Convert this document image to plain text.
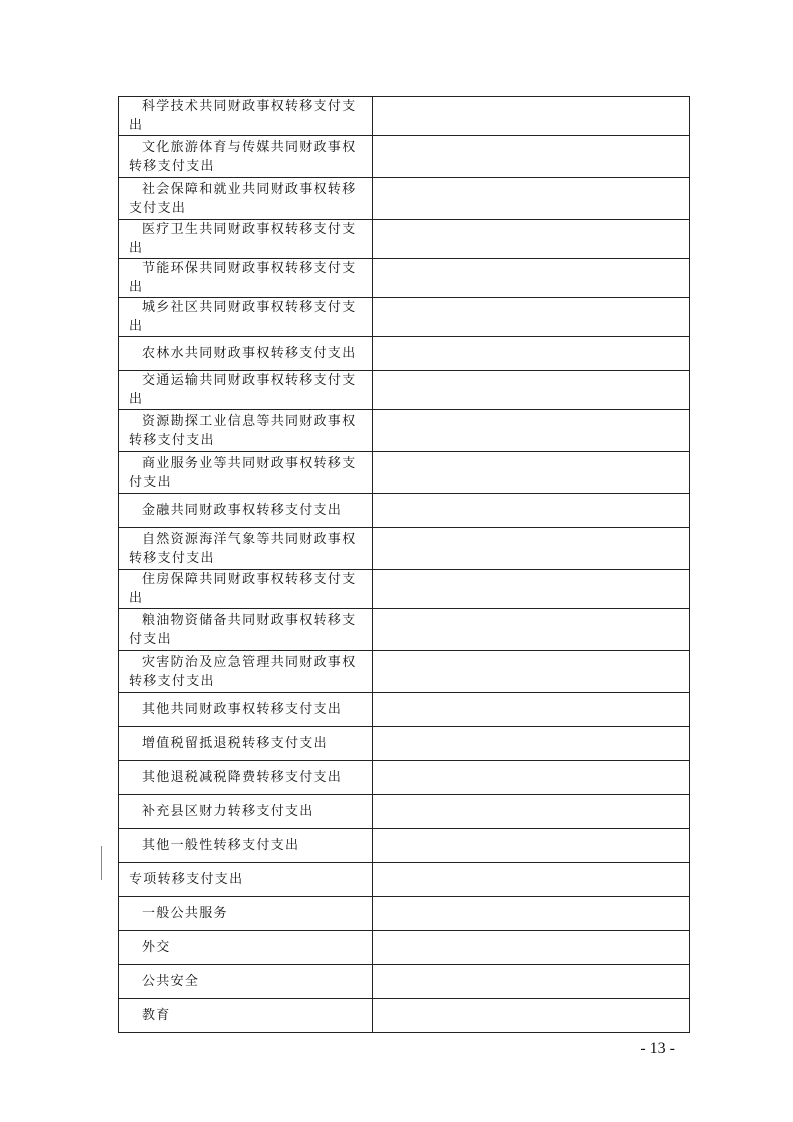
科学技术共同财政事权转移支付支出	
文化旅游体育与传媒共同财政事权转移支付支出	
社会保障和就业共同财政事权转移支付支出	
医疗卫生共同财政事权转移支付支出	
节能环保共同财政事权转移支付支出	
城乡社区共同财政事权转移支付支出	
农林水共同财政事权转移支付支出	
交通运输共同财政事权转移支付支出	
资源勘探工业信息等共同财政事权转移支付支出	
商业服务业等共同财政事权转移支付支出	
金融共同财政事权转移支付支出	
自然资源海洋气象等共同财政事权转移支付支出	
住房保障共同财政事权转移支付支出	
粮油物资储备共同财政事权转移支付支出	
灾害防治及应急管理共同财政事权转移支付支出	
其他共同财政事权转移支付支出	
增值税留抵退税转移支付支出	
其他退税减税降费转移支付支出	
补充县区财力转移支付支出	
其他一般性转移支付支出	
专项转移支付支出	
一般公共服务	
外交	
公共安全	
教育	
- 13 -
